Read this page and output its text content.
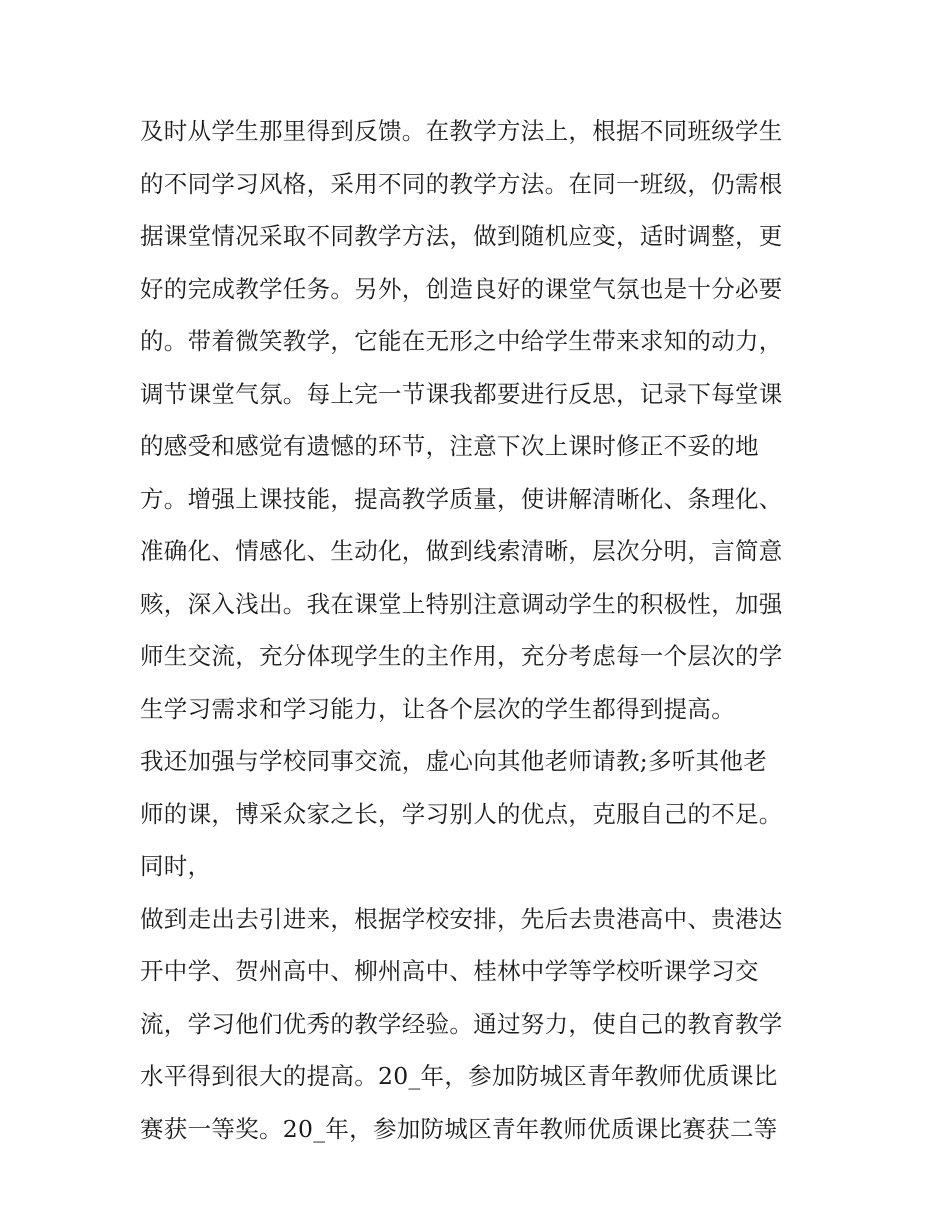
及时从学生那里得到反馈。在教学方法上，根据不同班级学生
的不同学习风格，采用不同的教学方法。在同一班级，仍需根
据课堂情况采取不同教学方法，做到随机应变，适时调整，更
好的完成教学任务。另外，创造良好的课堂气氛也是十分必要
的。带着微笑教学，它能在无形之中给学生带来求知的动力，
调节课堂气氛。每上完一节课我都要进行反思，记录下每堂课
的感受和感觉有遗憾的环节，注意下次上课时修正不妥的地
方。增强上课技能，提高教学质量，使讲解清晰化、条理化、
准确化、情感化、生动化，做到线索清晰，层次分明，言简意
赅，深入浅出。我在课堂上特别注意调动学生的积极性，加强
师生交流，充分体现学生的主作用，充分考虑每一个层次的学
生学习需求和学习能力，让各个层次的学生都得到提高。
我还加强与学校同事交流，虚心向其他老师请教;多听其他老
师的课，博采众家之长，学习别人的优点，克服自己的不足。
同时，
做到走出去引进来，根据学校安排，先后去贵港高中、贵港达
开中学、贺州高中、柳州高中、桂林中学等学校听课学习交
流，学习他们优秀的教学经验。通过努力，使自己的教育教学
水平得到很大的提高。20_年，参加防城区青年教师优质课比
赛获一等奖。20_年，参加防城区青年教师优质课比赛获二等
